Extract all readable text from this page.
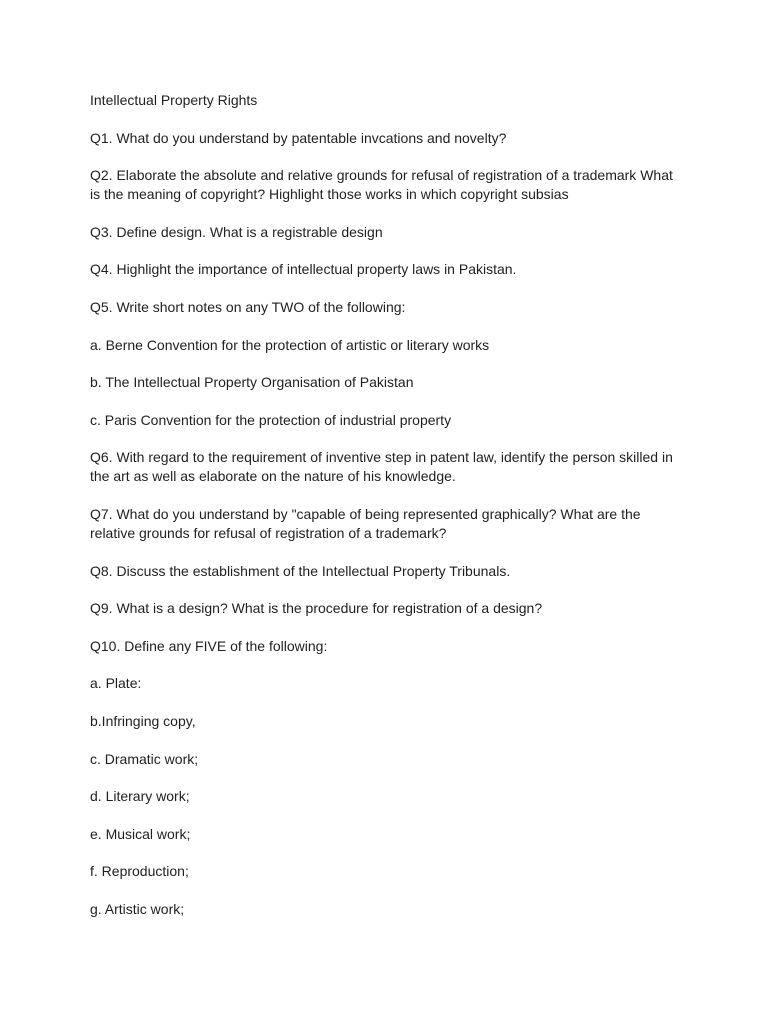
Intellectual Property Rights
Q1. What do you understand by patentable invcations and novelty?
Q2. Elaborate the absolute and relative grounds for refusal of registration of a trademark What is the meaning of copyright? Highlight those works in which copyright subsias
Q3. Define design. What is a registrable design
Q4. Highlight the importance of intellectual property laws in Pakistan.
Q5. Write short notes on any TWO of the following:
a. Berne Convention for the protection of artistic or literary works
b. The Intellectual Property Organisation of Pakistan
c. Paris Convention for the protection of industrial property
Q6. With regard to the requirement of inventive step in patent law, identify the person skilled in the art as well as elaborate on the nature of his knowledge.
Q7. What do you understand by "capable of being represented graphically? What are the relative grounds for refusal of registration of a trademark?
Q8. Discuss the establishment of the Intellectual Property Tribunals.
Q9. What is a design? What is the procedure for registration of a design?
Q10. Define any FIVE of the following:
a. Plate:
b.Infringing copy,
c. Dramatic work;
d. Literary work;
e. Musical work;
f. Reproduction;
g. Artistic work;
